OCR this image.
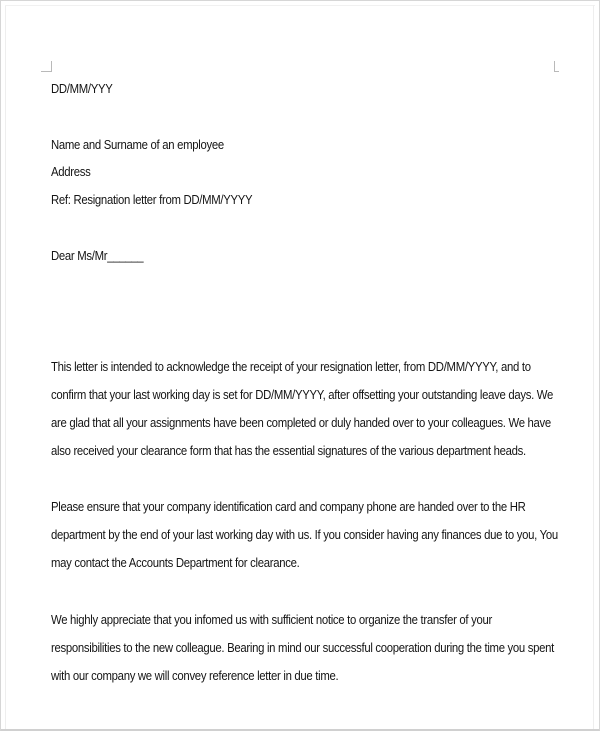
DD/MM/YYY
Name and Surname of an employee
Address
Ref: Resignation letter from DD/MM/YYYY
Dear Ms/Mr______
This letter is intended to acknowledge the receipt of your resignation letter, from DD/MM/YYYY, and to
confirm that your last working day is set for DD/MM/YYYY, after offsetting your outstanding leave days. We
are glad that all your assignments have been completed or duly handed over to your colleagues. We have
also received your clearance form that has the essential signatures of the various department heads.
Please ensure that your company identification card and company phone are handed over to the HR
department by the end of your last working day with us. If you consider having any finances due to you, You
may contact the Accounts Department for clearance.
We highly appreciate that you infomed us with sufficient notice to organize the transfer of your
responsibilities to the new colleague. Bearing in mind our successful cooperation during the time you spent
with our company we will convey reference letter in due time.
